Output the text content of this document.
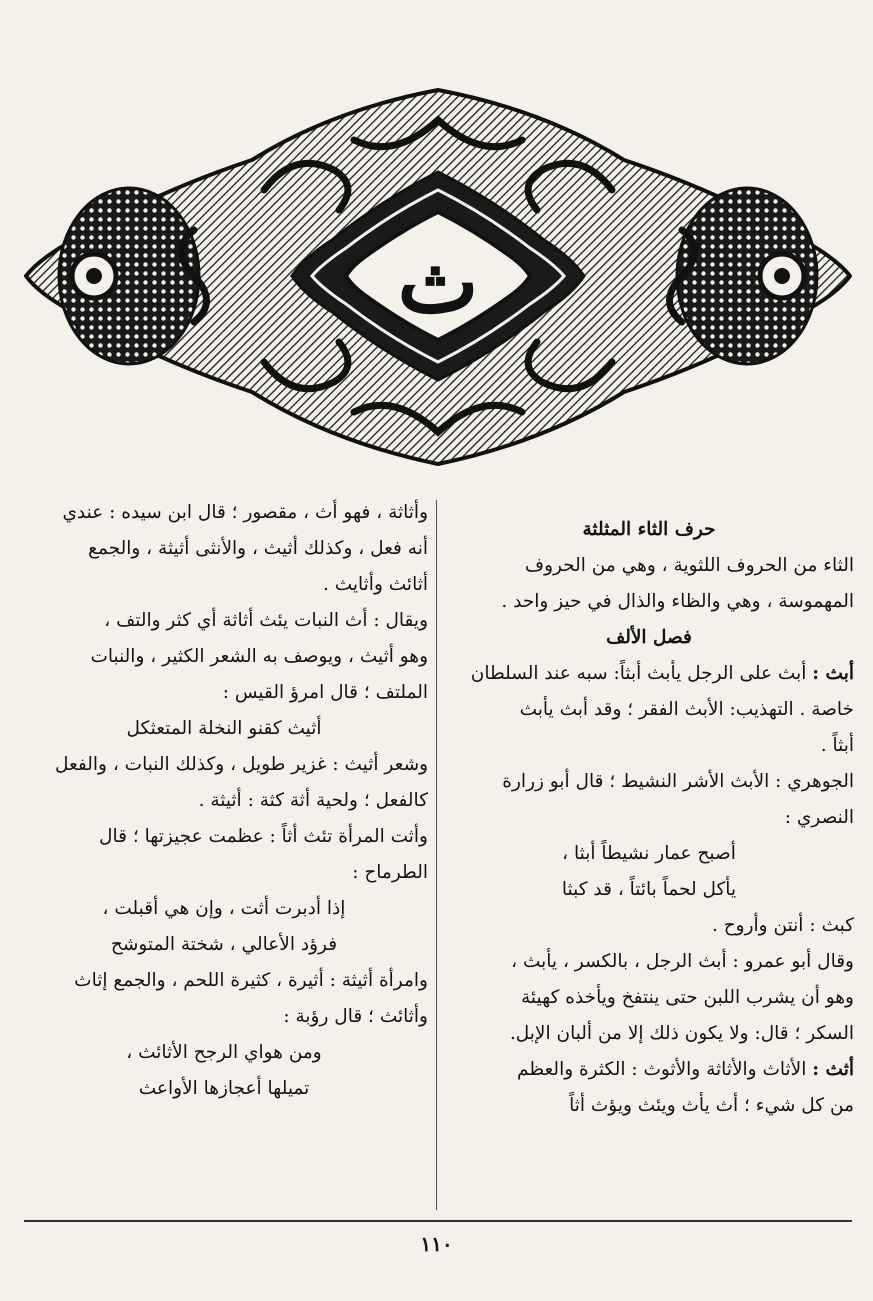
ث

حرف الثاء المثلثة

الثاء من الحروف اللثوية ، وهي من الحروف

المهموسة ، وهي والظاء والذال في حيز واحد .

فصل الألف

أبث : أبث على الرجل يأبث أبثاً: سبه عند السلطان

خاصة . التهذيب: الأبث الفقر ؛ وقد أبث يأبث

أبثاً .

الجوهري : الأبث الأشر النشيط ؛ قال أبو زرارة

النصري :

أصبح عمار نشيطاً أبثا ،

يأكل لحماً بائتاً ، قد كبثا

كبث : أنتن وأروح .

وقال أبو عمرو : أبث الرجل ، بالكسر ، يأبث ،

وهو أن يشرب اللبن حتى ينتفخ ويأخذه كهيئة

السكر ؛ قال: ولا يكون ذلك إلا من ألبان الإبل.

أثث : الأثاث والأثاثة والأثوث : الكثرة والعظم

من كل شيء ؛ أث يأث ويئث ويؤث أثاً

وأثاثة ، فهو أث ، مقصور ؛ قال ابن سيده : عندي

أنه فعل ، وكذلك أثيث ، والأنثى أثيثة ، والجمع

أثائث وأثايث .

ويقال : أث النبات يئث أثاثة أي كثر والتف ،

وهو أثيث ، ويوصف به الشعر الكثير ، والنبات

الملتف ؛ قال امرؤ القيس :

أثيث كقنو النخلة المتعثكل

وشعر أثيث : غزير طويل ، وكذلك النبات ، والفعل

كالفعل ؛ ولحية أثة كثة : أثيثة .

وأثت المرأة تئث أثاً : عظمت عجيزتها ؛ قال

الطرماح :

إذا أدبرت أثت ، وإن هي أقبلت ،

فرؤد الأعالي ، شختة المتوشح

وامرأة أثيثة : أثيرة ، كثيرة اللحم ، والجمع إثاث

وأثائث ؛ قال رؤبة :

ومن هواي الرجح الأثائث ،

تميلها أعجازها الأواعث

١١٠
